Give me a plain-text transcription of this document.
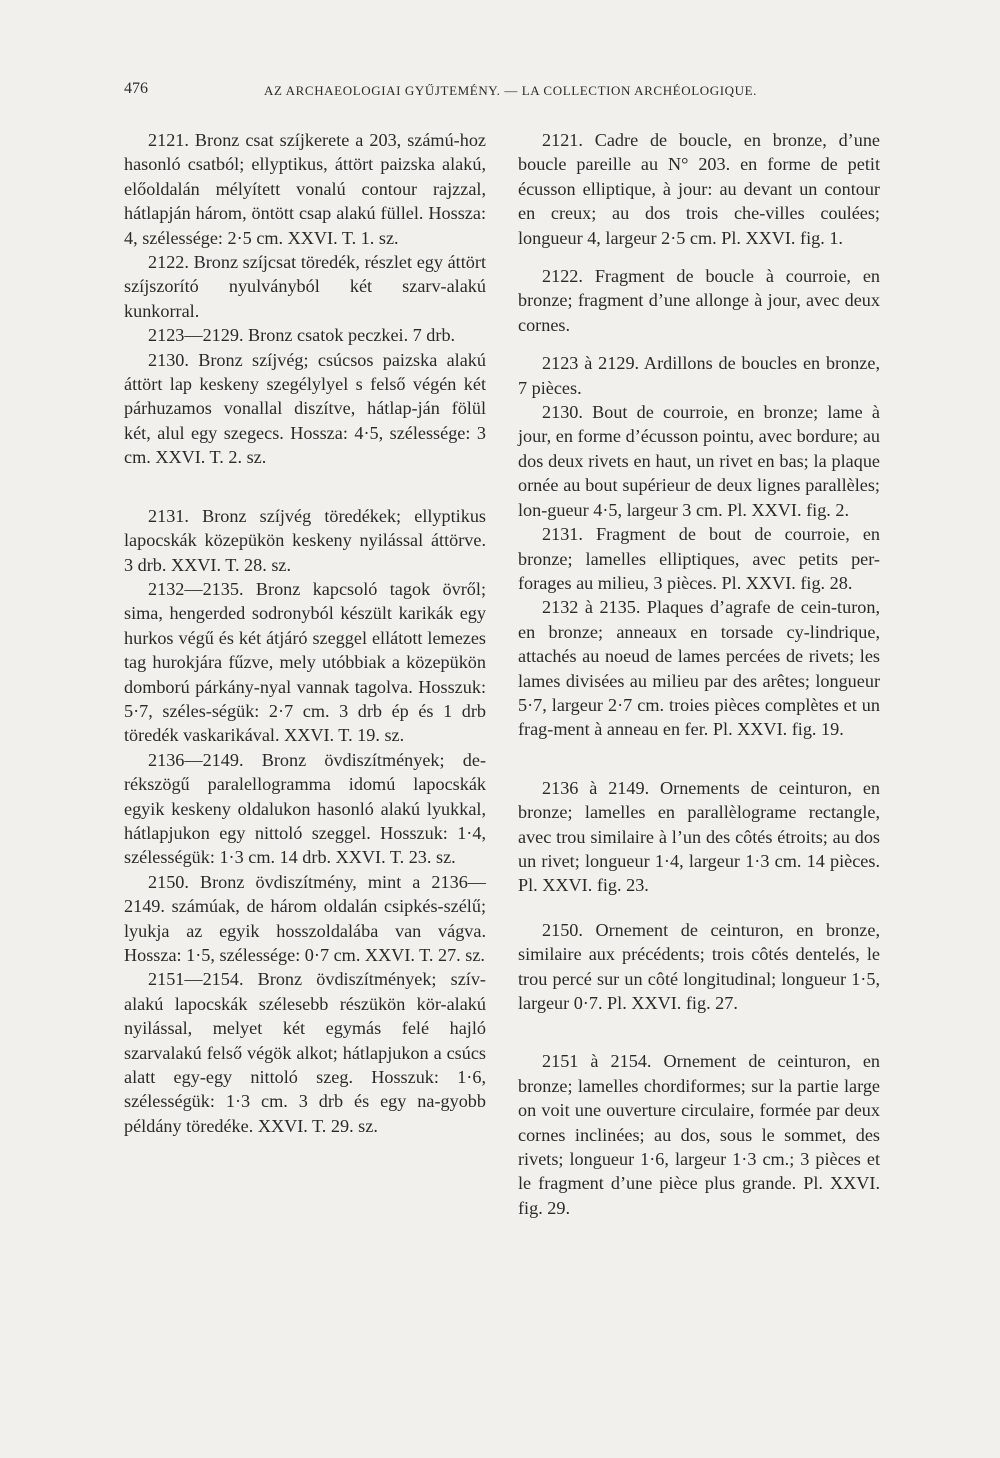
476	AZ ARCHAEOLOGIAI GYŰJTEMÉNY. — LA COLLECTION ARCHÉOLOGIQUE.

2121. Bronz csat szíjkerete a 203, számú-hoz hasonló csatból; ellyptikus, áttört paizska alakú, előoldalán mélyített vonalú contour rajzzal, hátlapján három, öntött csap alakú füllel. Hossza: 4, szélessége: 2·5 cm. XXVI. T. 1. sz.

2122. Bronz szíjcsat töredék, részlet egy áttört szíjszorító nyulványból két szarv-alakú kunkorral.

2123—2129. Bronz csatok peczkei. 7 drb.

2130. Bronz szíjvég; csúcsos paizska alakú áttört lap keskeny szegélylyel s felső végén két párhuzamos vonallal diszítve, hátlap-ján fölül két, alul egy szegecs. Hossza: 4·5, szélessége: 3 cm. XXVI. T. 2. sz.

2131. Bronz szíjvég töredékek; ellyptikus lapocskák közepükön keskeny nyilással áttörve. 3 drb. XXVI. T. 28. sz.

2132—2135. Bronz kapcsoló tagok övről; sima, hengerded sodronyból készült karikák egy hurkos végű és két átjáró szeggel ellátott lemezes tag hurokjára fűzve, mely utóbbiak a közepükön domború párkány-nyal vannak tagolva. Hosszuk: 5·7, széles-ségük: 2·7 cm. 3 drb ép és 1 drb töredék vaskarikával. XXVI. T. 19. sz.

2136—2149. Bronz övdiszítmények; de-rékszögű paralellogramma idomú lapocskák egyik keskeny oldalukon hasonló alakú lyukkal, hátlapjukon egy nittoló szeggel. Hosszuk: 1·4, szélességük: 1·3 cm. 14 drb. XXVI. T. 23. sz.

2150. Bronz övdiszítmény, mint a 2136—2149. számúak, de három oldalán csipkés-szélű; lyukja az egyik hosszoldalába van vágva. Hossza: 1·5, szélessége: 0·7 cm. XXVI. T. 27. sz.

2151—2154. Bronz övdiszítmények; szív-alakú lapocskák szélesebb részükön kör-alakú nyilással, melyet két egymás felé hajló szarvalakú felső végök alkot; hátlapjukon a csúcs alatt egy-egy nittoló szeg. Hosszuk: 1·6, szélességük: 1·3 cm. 3 drb és egy na-gyobb példány töredéke. XXVI. T. 29. sz.

2121. Cadre de boucle, en bronze, d’une boucle pareille au N° 203. en forme de petit écusson elliptique, à jour: au devant un contour en creux; au dos trois che-villes coulées; longueur 4, largeur 2·5 cm. Pl. XXVI. fig. 1.

2122. Fragment de boucle à courroie, en bronze; fragment d’une allonge à jour, avec deux cornes.

2123 à 2129. Ardillons de boucles en bronze, 7 pièces.

2130. Bout de courroie, en bronze; lame à jour, en forme d’écusson pointu, avec bordure; au dos deux rivets en haut, un rivet en bas; la plaque ornée au bout supérieur de deux lignes parallèles; lon-gueur 4·5, largeur 3 cm. Pl. XXVI. fig. 2.

2131. Fragment de bout de courroie, en bronze; lamelles elliptiques, avec petits per-forages au milieu, 3 pièces. Pl. XXVI. fig. 28.

2132 à 2135. Plaques d’agrafe de cein-turon, en bronze; anneaux en torsade cy-lindrique, attachés au noeud de lames percées de rivets; les lames divisées au milieu par des arêtes; longueur 5·7, largeur 2·7 cm. troies pièces complètes et un frag-ment à anneau en fer. Pl. XXVI. fig. 19.

2136 à 2149. Ornements de ceinturon, en bronze; lamelles en parallèlograme rectangle, avec trou similaire à l’un des côtés étroits; au dos un rivet; longueur 1·4, largeur 1·3 cm. 14 pièces. Pl. XXVI. fig. 23.

2150. Ornement de ceinturon, en bronze, similaire aux précédents; trois côtés dentelés, le trou percé sur un côté longitudinal; longueur 1·5, largeur 0·7. Pl. XXVI. fig. 27.

2151 à 2154. Ornement de ceinturon, en bronze; lamelles chordiformes; sur la partie large on voit une ouverture circulaire, formée par deux cornes inclinées; au dos, sous le sommet, des rivets; longueur 1·6, largeur 1·3 cm.; 3 pièces et le fragment d’une pièce plus grande. Pl. XXVI. fig. 29.
